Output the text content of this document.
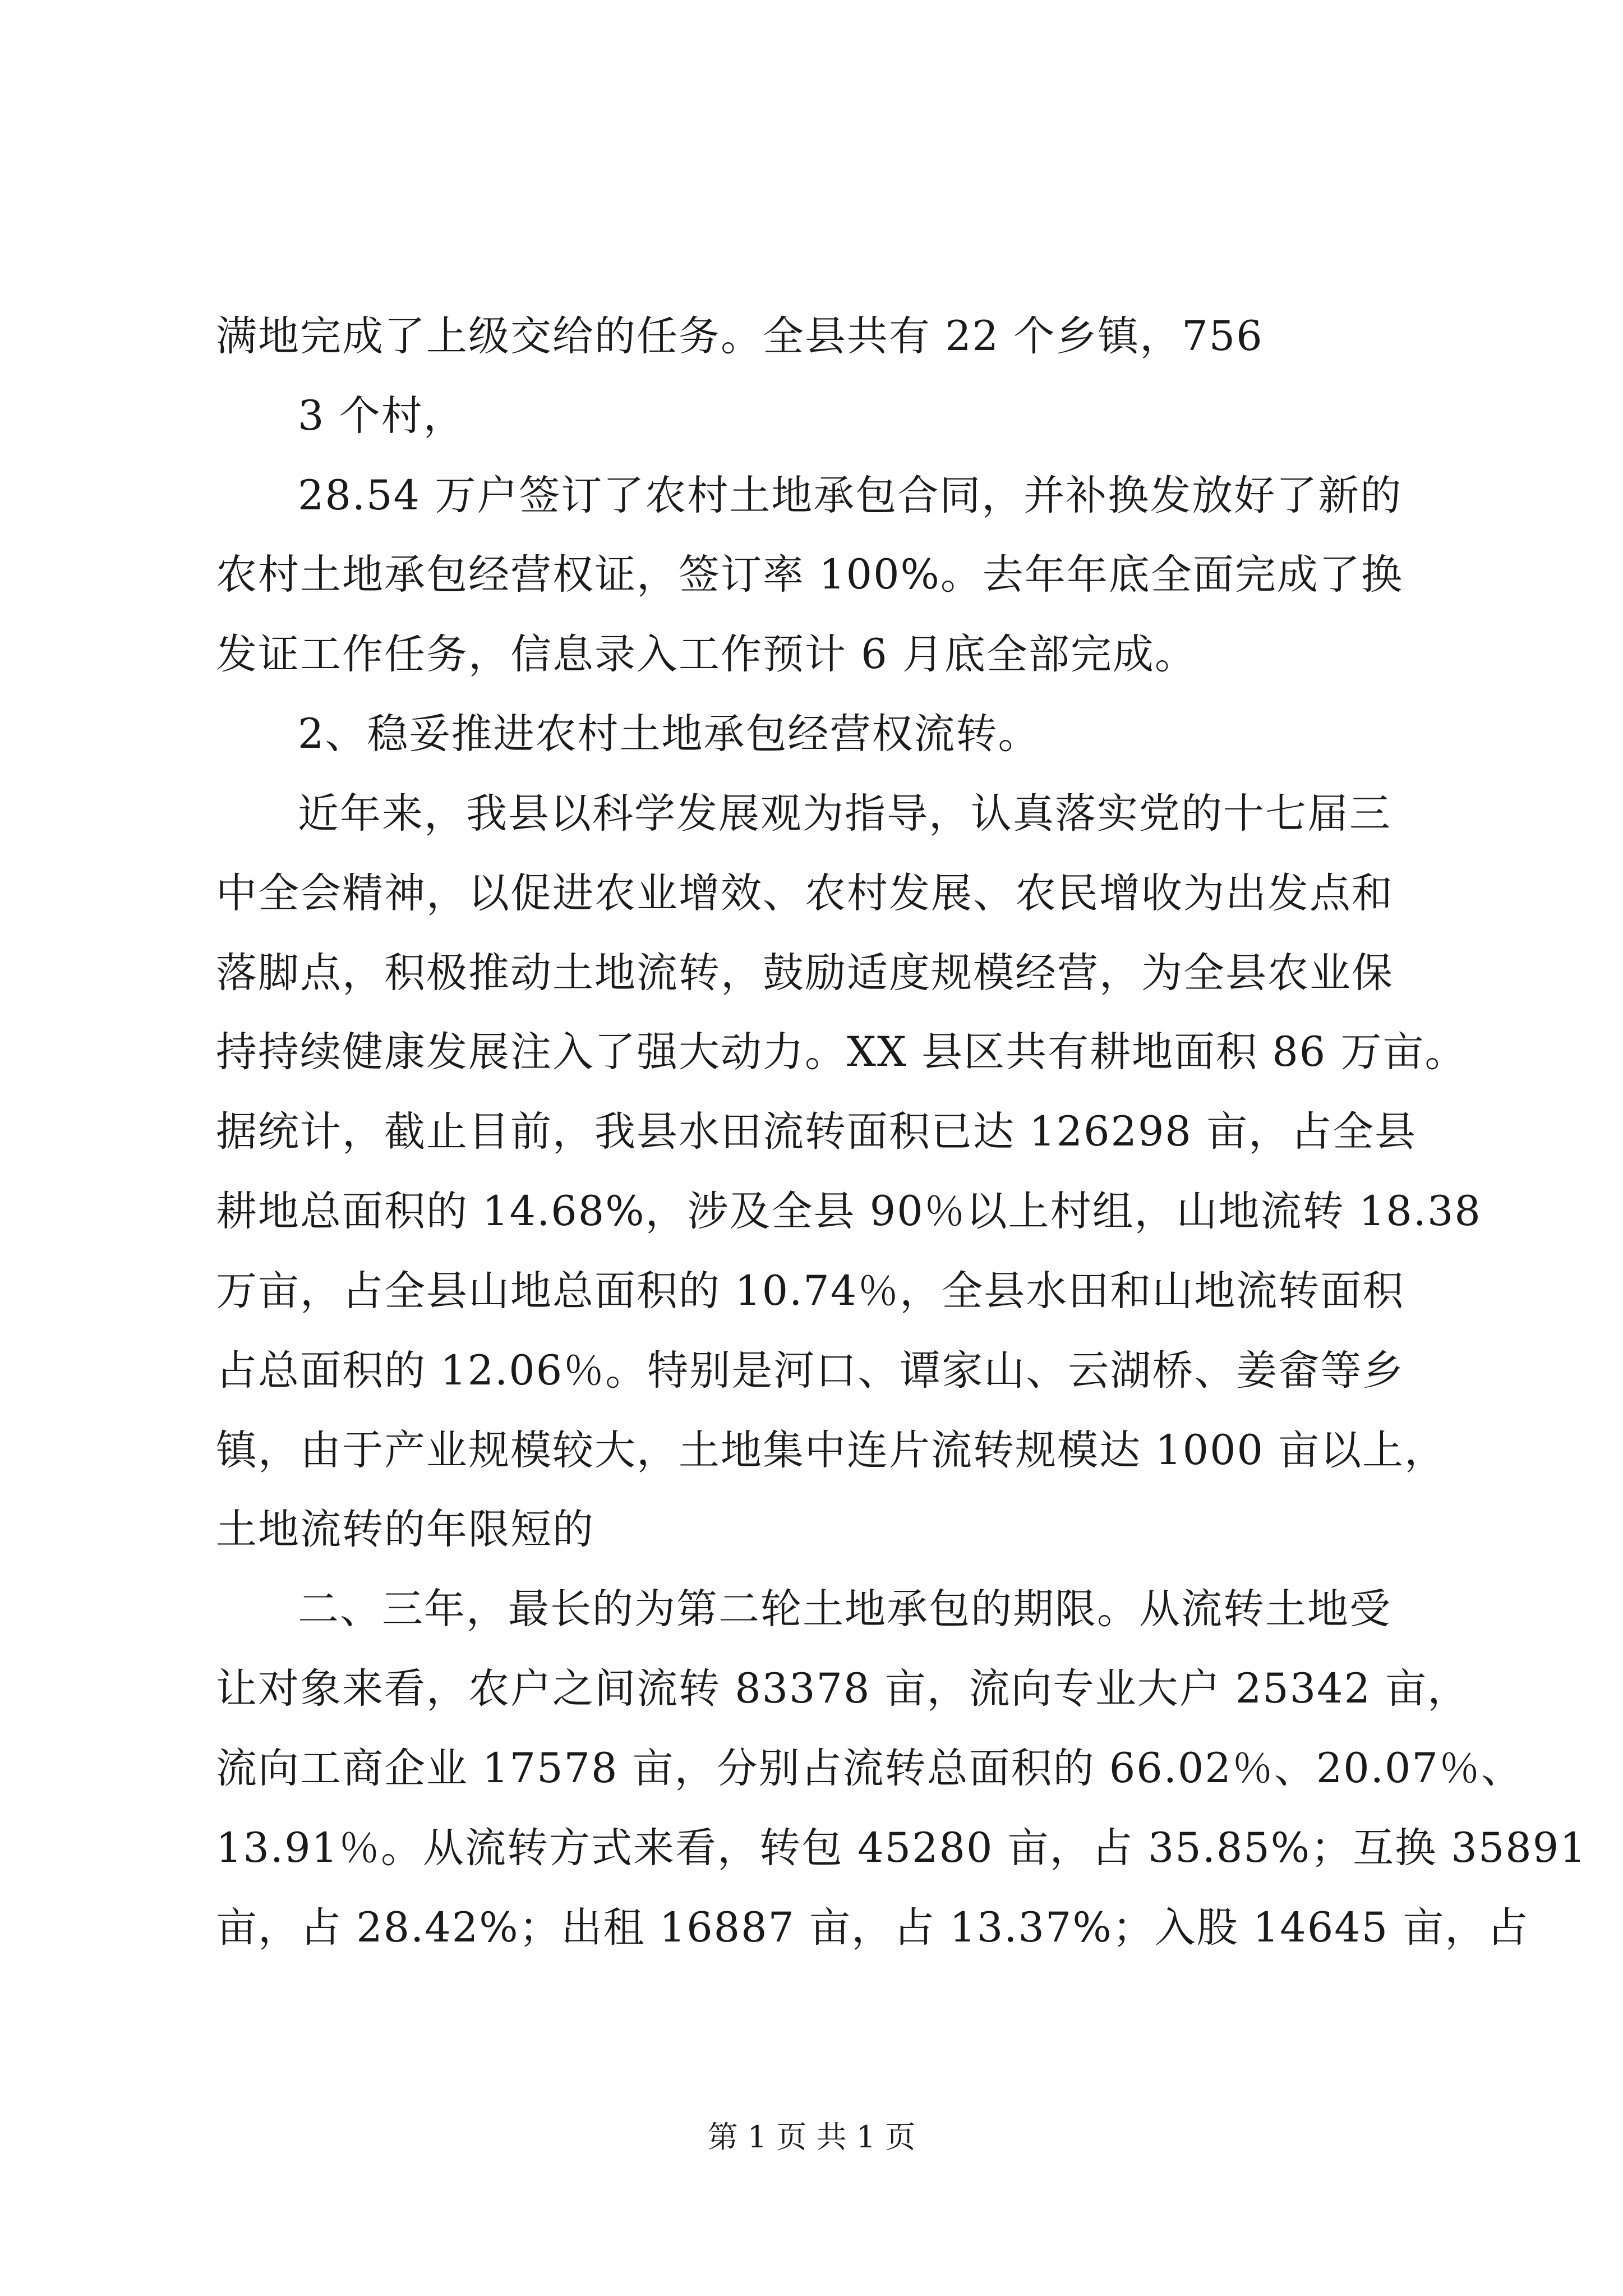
满地完成了上级交给的任务。全县共有 22 个乡镇，756
3 个村，
28.54 万户签订了农村土地承包合同，并补换发放好了新的
农村土地承包经营权证，签订率 100%。去年年底全面完成了换
发证工作任务，信息录入工作预计 6 月底全部完成。
2、稳妥推进农村土地承包经营权流转。
近年来，我县以科学发展观为指导，认真落实党的十七届三
中全会精神，以促进农业增效、农村发展、农民增收为出发点和
落脚点，积极推动土地流转，鼓励适度规模经营，为全县农业保
持持续健康发展注入了强大动力。XX 县区共有耕地面积 86 万亩。
据统计，截止目前，我县水田流转面积已达 126298 亩，占全县
耕地总面积的 14.68%，涉及全县 90％以上村组，山地流转 18.38
万亩，占全县山地总面积的 10.74％，全县水田和山地流转面积
占总面积的 12.06％。特别是河口、谭家山、云湖桥、姜畲等乡
镇，由于产业规模较大，土地集中连片流转规模达 1000 亩以上，
土地流转的年限短的
二、三年，最长的为第二轮土地承包的期限。从流转土地受
让对象来看，农户之间流转 83378 亩，流向专业大户 25342 亩，
流向工商企业 17578 亩，分别占流转总面积的 66.02％、20.07％、
13.91％。从流转方式来看，转包 45280 亩，占 35.85%；互换 35891
亩，占 28.42%；出租 16887 亩，占 13.37%；入股 14645 亩，占
第 1 页 共 1 页
